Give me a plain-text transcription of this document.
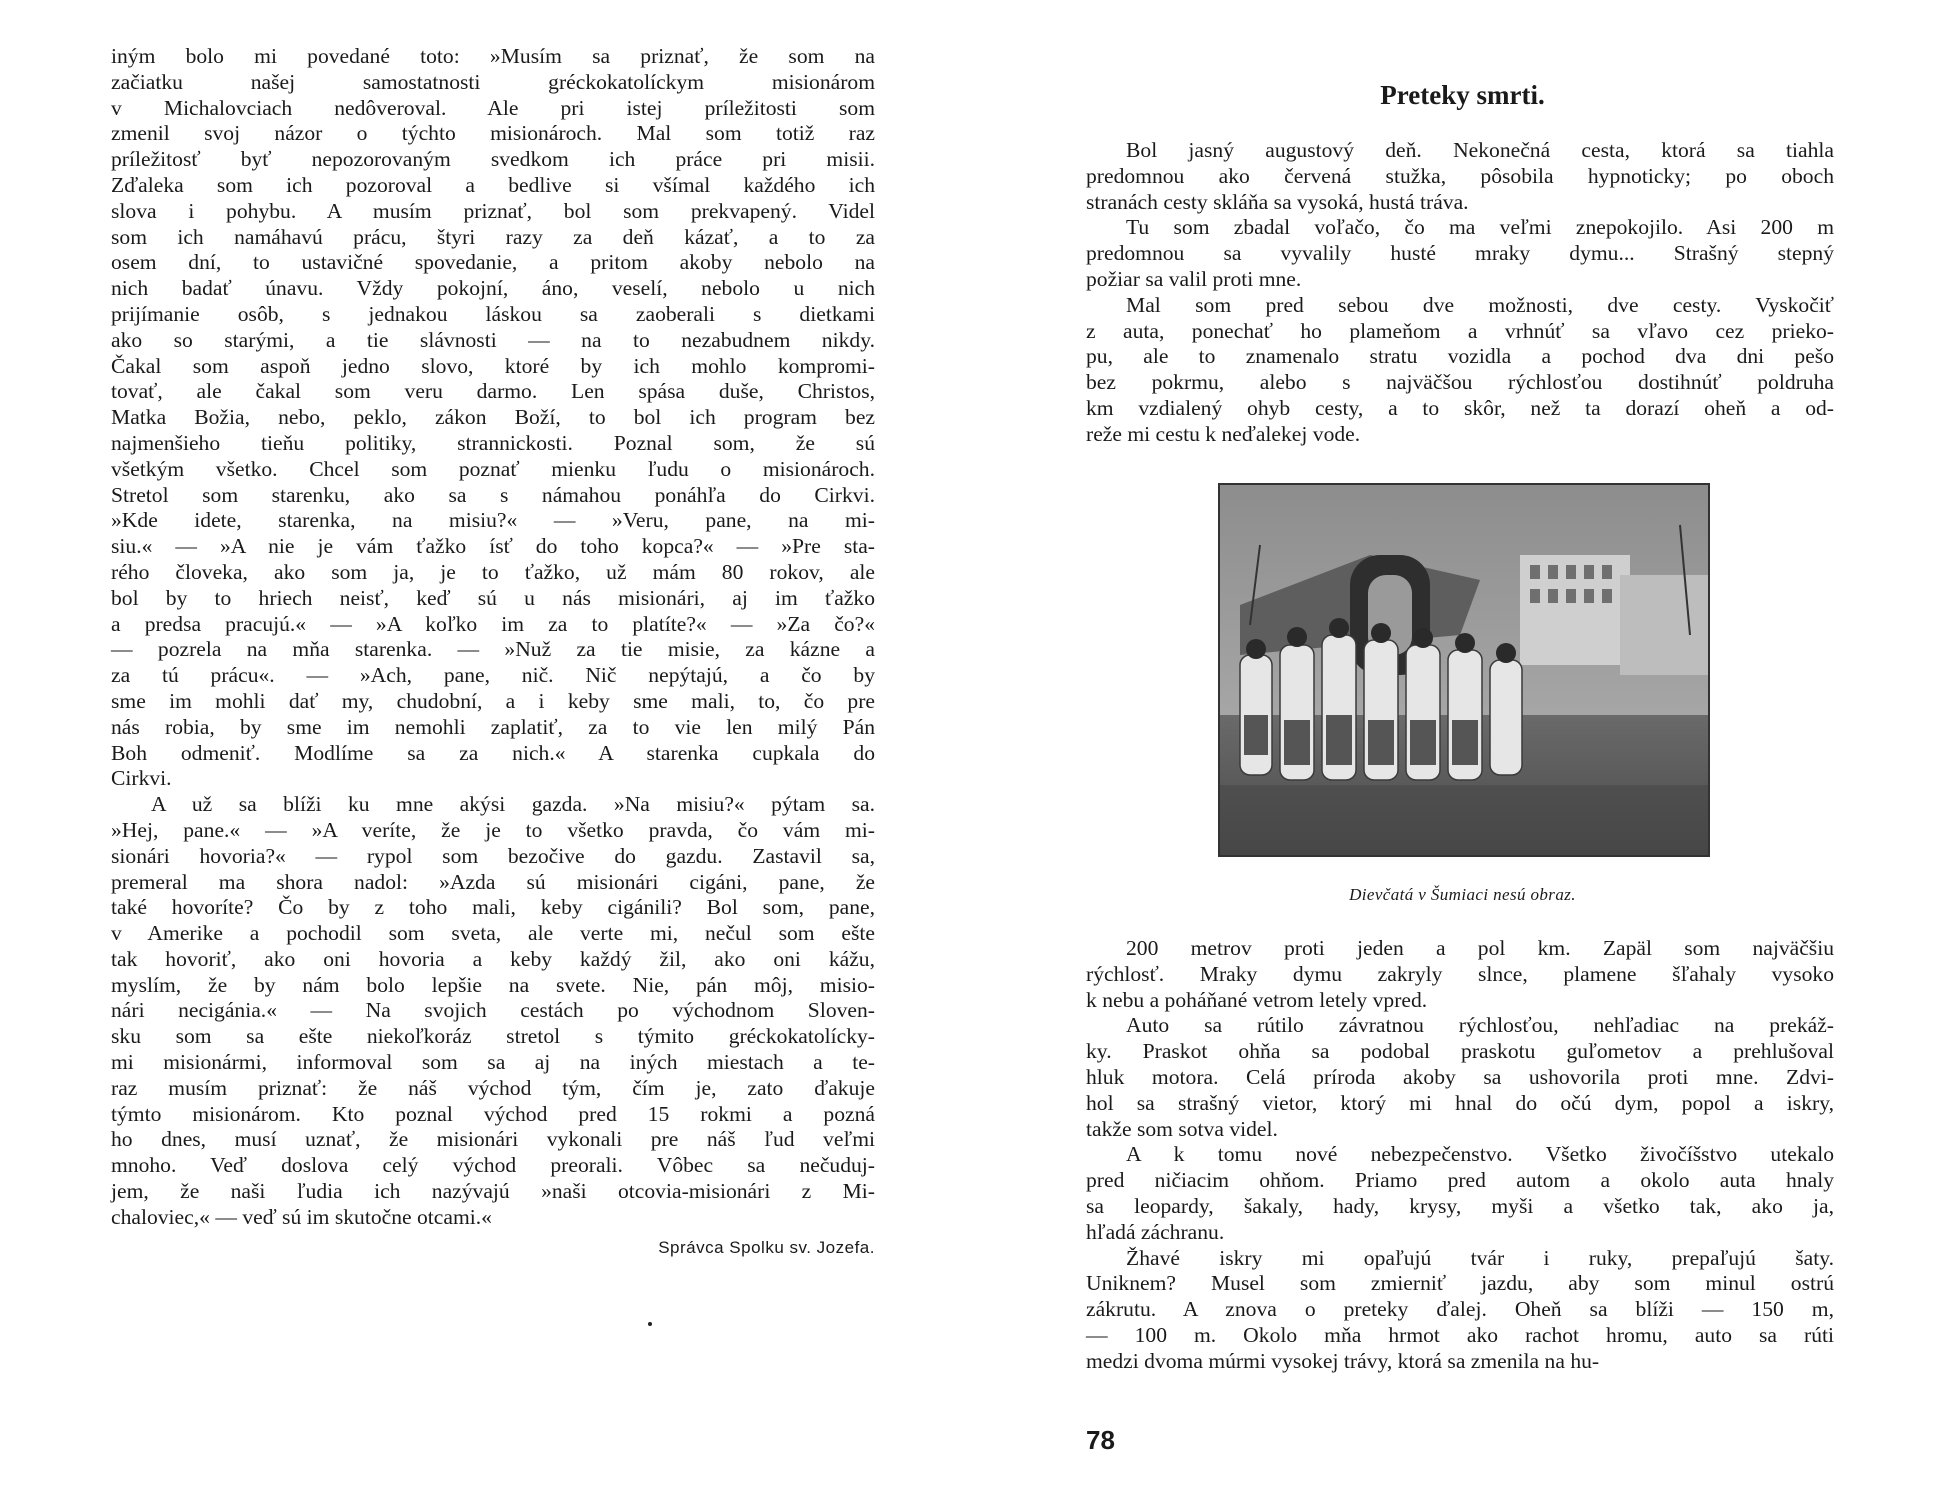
iným bolo mi povedané toto: »Musím sa priznať, že som na
začiatku našej samostatnosti gréckokatolíckym misionárom
v Michalovciach nedôveroval. Ale pri istej príležitosti som
zmenil svoj názor o týchto misionároch. Mal som totiž raz
príležitosť byť nepozorovaným svedkom ich práce pri misii.
Zďaleka som ich pozoroval a bedlive si všímal každého ich
slova i pohybu. A musím priznať, bol som prekvapený. Videl
som ich namáhavú prácu, štyri razy za deň kázať, a to za
osem dní, to ustavičné spovedanie, a pritom akoby nebolo na
nich badať únavu. Vždy pokojní, áno, veselí, nebolo u nich
prijímanie osôb, s jednakou láskou sa zaoberali s dietkami
ako so starými, a tie slávnosti — na to nezabudnem nikdy.
Čakal som aspoň jedno slovo, ktoré by ich mohlo kompromi-
tovať, ale čakal som veru darmo. Len spása duše, Christos,
Matka Božia, nebo, peklo, zákon Boží, to bol ich program bez
najmenšieho tieňu politiky, strannickosti. Poznal som, že sú
všetkým všetko. Chcel som poznať mienku ľudu o misionároch.
Stretol som starenku, ako sa s námahou ponáhľa do Cirkvi.
»Kde idete, starenka, na misiu?« — »Veru, pane, na mi-
siu.« — »A nie je vám ťažko ísť do toho kopca?« — »Pre sta-
rého človeka, ako som ja, je to ťažko, už mám 80 rokov, ale
bol by to hriech neisť, keď sú u nás misionári, aj im ťažko
a predsa pracujú.« — »A koľko im za to platíte?« — »Za čo?«
— pozrela na mňa starenka. — »Nuž za tie misie, za kázne a
za tú prácu«. — »Ach, pane, nič. Nič nepýtajú, a čo by
sme im mohli dať my, chudobní, a i keby sme mali, to, čo pre
nás robia, by sme im nemohli zaplatiť, za to vie len milý Pán
Boh odmeniť. Modlíme sa za nich.« A starenka cupkala do
Cirkvi.
A už sa blíži ku mne akýsi gazda. »Na misiu?« pýtam sa.
»Hej, pane.« — »A veríte, že je to všetko pravda, čo vám mi-
sionári hovoria?« — rypol som bezočive do gazdu. Zastavil sa,
premeral ma shora nadol: »Azda sú misionári cigáni, pane, že
také hovoríte? Čo by z toho mali, keby cigánili? Bol som, pane,
v Amerike a pochodil som sveta, ale verte mi, nečul som ešte
tak hovoriť, ako oni hovoria a keby každý žil, ako oni kážu,
myslím, že by nám bolo lepšie na svete. Nie, pán môj, misio-
nári necigánia.« — Na svojich cestách po východnom Sloven-
sku som sa ešte niekoľkoráz stretol s týmito gréckokatolícky-
mi misionármi, informoval som sa aj na iných miestach a te-
raz musím priznať: že náš východ tým, čím je, zato ďakuje
týmto misionárom. Kto poznal východ pred 15 rokmi a pozná
ho dnes, musí uznať, že misionári vykonali pre náš ľud veľmi
mnoho. Veď doslova celý východ preorali. Vôbec sa nečuduj-
jem, že naši ľudia ich nazývajú »naši otcovia-misionári z Mi-
chaloviec,« — veď sú im skutočne otcami.«
Správca Spolku sv. Jozefa.
Preteky smrti.
Bol jasný augustový deň. Nekonečná cesta, ktorá sa tiahla
predomnou ako červená stužka, pôsobila hypnoticky; po oboch
stranách cesty skláňa sa vysoká, hustá tráva.
Tu som zbadal voľačo, čo ma veľmi znepokojilo. Asi 200 m
predomnou sa vyvalily husté mraky dymu... Strašný stepný
požiar sa valil proti mne.
Mal som pred sebou dve možnosti, dve cesty. Vyskočiť
z auta, ponechať ho plameňom a vrhnúť sa vľavo cez prieko-
pu, ale to znamenalo stratu vozidla a pochod dva dni pešo
bez pokrmu, alebo s najväčšou rýchlosťou dostihnúť poldruha
km vzdialený ohyb cesty, a to skôr, než ta dorazí oheň a od-
reže mi cestu k neďalekej vode.
Dievčatá v Šumiaci nesú obraz.
200 metrov proti jeden a pol km. Zapäl som najväčšiu
rýchlosť. Mraky dymu zakryly slnce, plamene šľahaly vysoko
k nebu a poháňané vetrom letely vpred.
Auto sa rútilo závratnou rýchlosťou, nehľadiac na prekáž-
ky. Praskot ohňa sa podobal praskotu guľometov a prehlušoval
hluk motora. Celá príroda akoby sa ushovorila proti mne. Zdvi-
hol sa strašný vietor, ktorý mi hnal do očú dym, popol a iskry,
takže som sotva videl.
A k tomu nové nebezpečenstvo. Všetko živočíšstvo utekalo
pred ničiacim ohňom. Priamo pred autom a okolo auta hnaly
sa leopardy, šakaly, hady, krysy, myši a všetko tak, ako ja,
hľadá záchranu.
Žhavé iskry mi opaľujú tvár i ruky, prepaľujú šaty.
Uniknem? Musel som zmierniť jazdu, aby som minul ostrú
zákrutu. A znova o preteky ďalej. Oheň sa blíži — 150 m,
— 100 m. Okolo mňa hrmot ako rachot hromu, auto sa rúti
medzi dvoma múrmi vysokej trávy, ktorá sa zmenila na hu-
78
